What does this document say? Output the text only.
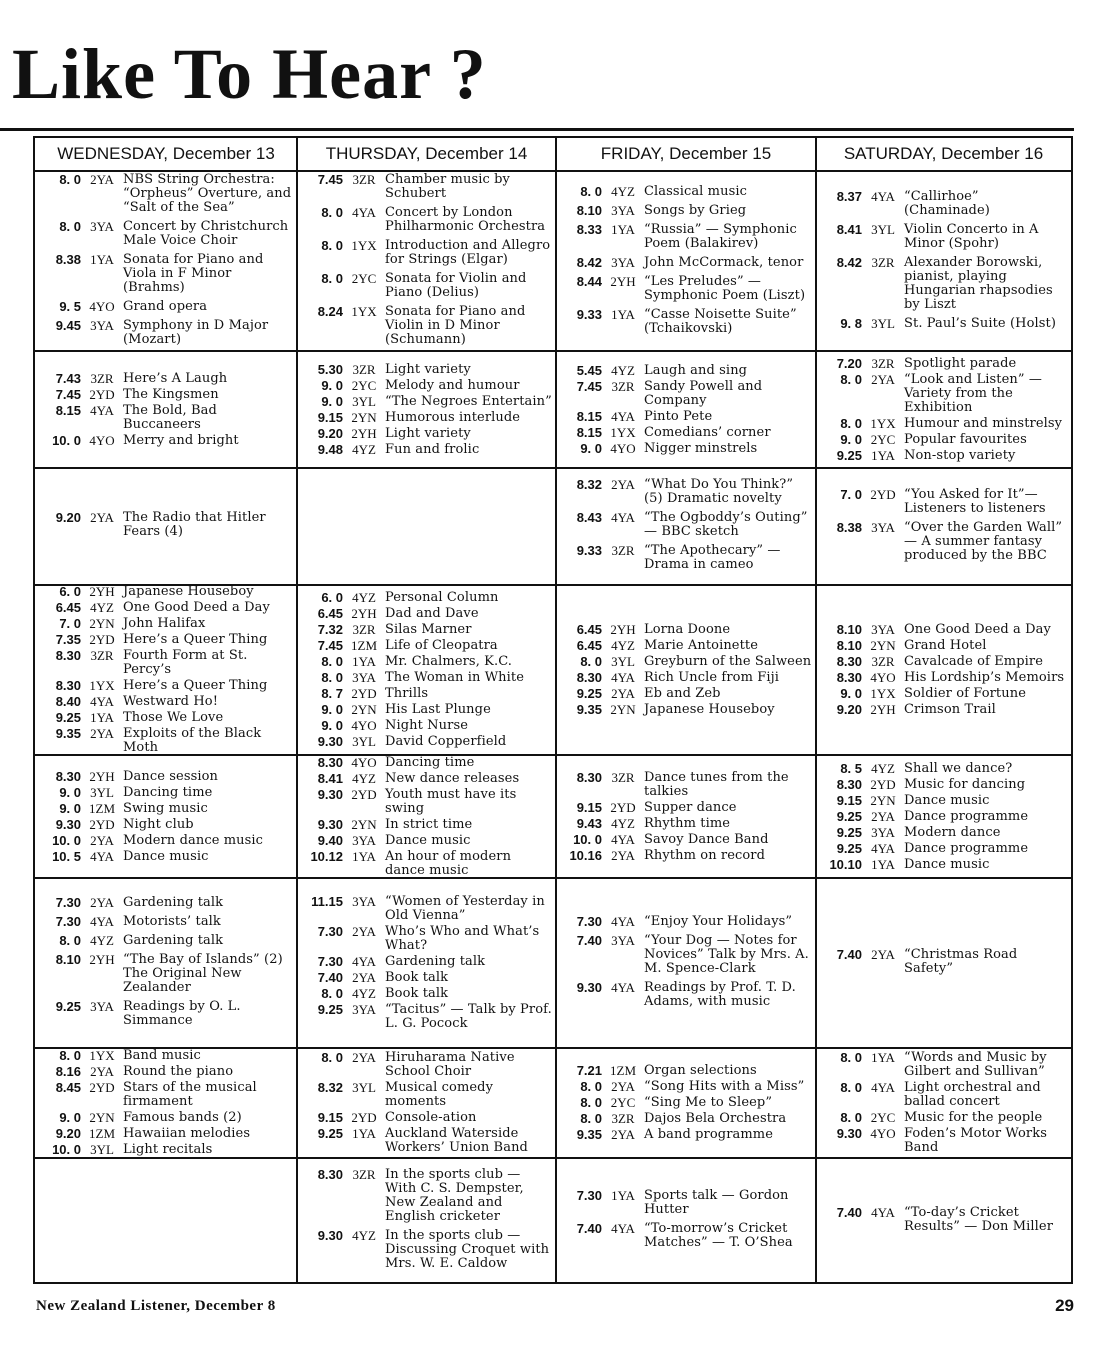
Like To Hear ?
WEDNESDAY, December 13
8. 0 2YA NBS String Orchestra: “Orpheus” Overture, and “Salt of the Sea”
8. 0 3YA Concert by Christchurch Male Voice Choir
8.38 1YA Sonata for Piano and Viola in F Minor (Brahms)
9. 5 4YO Grand opera
9.45 3YA Symphony in D Major (Mozart)
7.43 3ZR Here’s A Laugh
7.45 2YD The Kingsmen
8.15 4YA The Bold, Bad Buccaneers
10. 0 4YO Merry and bright
9.20 2YA The Radio that Hitler Fears (4)
6. 0 2YH Japanese Houseboy
6.45 4YZ One Good Deed a Day
7. 0 2YN John Halifax
7.35 2YD Here’s a Queer Thing
8.30 3ZR Fourth Form at St. Percy’s
8.30 1YX Here’s a Queer Thing
8.40 4YA Westward Ho!
9.25 1YA Those We Love
9.35 2YA Exploits of the Black Moth
8.30 2YH Dance session
9. 0 3YL Dancing time
9. 0 1ZM Swing music
9.30 2YD Night club
10. 0 2YA Modern dance music
10. 5 4YA Dance music
7.30 2YA Gardening talk
7.30 4YA Motorists’ talk
8. 0 4YZ Gardening talk
8.10 2YH “The Bay of Islands” (2) The Original New Zealander
9.25 3YA Readings by O. L. Simmance
8. 0 1YX Band music
8.16 2YA Round the piano
8.45 2YD Stars of the musical firmament
9. 0 2YN Famous bands (2)
9.20 1ZM Hawaiian melodies
10. 0 3YL Light recitals
THURSDAY, December 14
7.45 3ZR Chamber music by Schubert
8. 0 4YA Concert by London Philharmonic Orchestra
8. 0 1YX Introduction and Allegro for Strings (Elgar)
8. 0 2YC Sonata for Violin and Piano (Delius)
8.24 1YX Sonata for Piano and Violin in D Minor (Schumann)
5.30 3ZR Light variety
9. 0 2YC Melody and humour
9. 0 3YL “The Negroes Entertain”
9.15 2YN Humorous interlude
9.20 2YH Light variety
9.48 4YZ Fun and frolic
6. 0 4YZ Personal Column
6.45 2YH Dad and Dave
7.32 3ZR Silas Marner
7.45 1ZM Life of Cleopatra
8. 0 1YA Mr. Chalmers, K.C.
8. 0 3YA The Woman in White
8. 7 2YD Thrills
9. 0 2YN His Last Plunge
9. 0 4YO Night Nurse
9.30 3YL David Copperfield
8.30 4YO Dancing time
8.41 4YZ New dance releases
9.30 2YD Youth must have its swing
9.30 2YN In strict time
9.40 3YA Dance music
10.12 1YA An hour of modern dance music
11.15 3YA “Women of Yesterday in Old Vienna”
7.30 2YA Who’s Who and What’s What?
7.30 4YA Gardening talk
7.40 2YA Book talk
8. 0 4YZ Book talk
9.25 3YA “Tacitus” — Talk by Prof. L. G. Pocock
8. 0 2YA Hiruharama Native School Choir
8.32 3YL Musical comedy moments
9.15 2YD Console-ation
9.25 1YA Auckland Waterside Workers’ Union Band
8.30 3ZR In the sports club — With C. S. Dempster, New Zealand and English cricketer
9.30 4YZ In the sports club — Discussing Croquet with Mrs. W. E. Caldow
FRIDAY, December 15
8. 0 4YZ Classical music
8.10 3YA Songs by Grieg
8.33 1YA “Russia” — Symphonic Poem (Balakirev)
8.42 3YA John McCormack, tenor
8.44 2YH “Les Preludes” — Symphonic Poem (Liszt)
9.33 1YA “Casse Noisette Suite” (Tchaikovski)
5.45 4YZ Laugh and sing
7.45 3ZR Sandy Powell and Company
8.15 4YA Pinto Pete
8.15 1YX Comedians’ corner
9. 0 4YO Nigger minstrels
8.32 2YA “What Do You Think?” (5) Dramatic novelty
8.43 4YA “The Ogboddy’s Outing” — BBC sketch
9.33 3ZR “The Apothecary” — Drama in cameo
6.45 2YH Lorna Doone
6.45 4YZ Marie Antoinette
8. 0 3YL Greyburn of the Salween
8.30 4YA Rich Uncle from Fiji
9.25 2YA Eb and Zeb
9.35 2YN Japanese Houseboy
8.30 3ZR Dance tunes from the talkies
9.15 2YD Supper dance
9.43 4YZ Rhythm time
10. 0 4YA Savoy Dance Band
10.16 2YA Rhythm on record
7.30 4YA “Enjoy Your Holidays”
7.40 3YA “Your Dog — Notes for Novices” Talk by Mrs. A. M. Spence-Clark
9.30 4YA Readings by Prof. T. D. Adams, with music
7.21 1ZM Organ selections
8. 0 2YA “Song Hits with a Miss”
8. 0 2YC “Sing Me to Sleep”
8. 0 3ZR Dajos Bela Orchestra
9.35 2YA A band programme
7.30 1YA Sports talk — Gordon Hutter
7.40 4YA “To-morrow’s Cricket Matches” — T. O’Shea
SATURDAY, December 16
8.37 4YA “Callirhoe” (Chaminade)
8.41 3YL Violin Concerto in A Minor (Spohr)
8.42 3ZR Alexander Borowski, pianist, playing Hungarian rhapsodies by Liszt
9. 8 3YL St. Paul’s Suite (Holst)
7.20 3ZR Spotlight parade
8. 0 2YA “Look and Listen” — Variety from the Exhibition
8. 0 1YX Humour and minstrelsy
9. 0 2YC Popular favourites
9.25 1YA Non-stop variety
7. 0 2YD “You Asked for It”— Listeners to listeners
8.38 3YA “Over the Garden Wall” — A summer fantasy produced by the BBC
8.10 3YA One Good Deed a Day
8.10 2YN Grand Hotel
8.30 3ZR Cavalcade of Empire
8.30 4YO His Lordship’s Memoirs
9. 0 1YX Soldier of Fortune
9.20 2YH Crimson Trail
8. 5 4YZ Shall we dance?
8.30 2YD Music for dancing
9.15 2YN Dance music
9.25 2YA Dance programme
9.25 3YA Modern dance
9.25 4YA Dance programme
10.10 1YA Dance music
7.40 2YA “Christmas Road Safety”
8. 0 1YA “Words and Music by Gilbert and Sullivan”
8. 0 4YA Light orchestral and ballad concert
8. 0 2YC Music for the people
9.30 4YO Foden’s Motor Works Band
7.40 4YA “To-day’s Cricket Results” — Don Miller
New Zealand Listener, December 8	29
